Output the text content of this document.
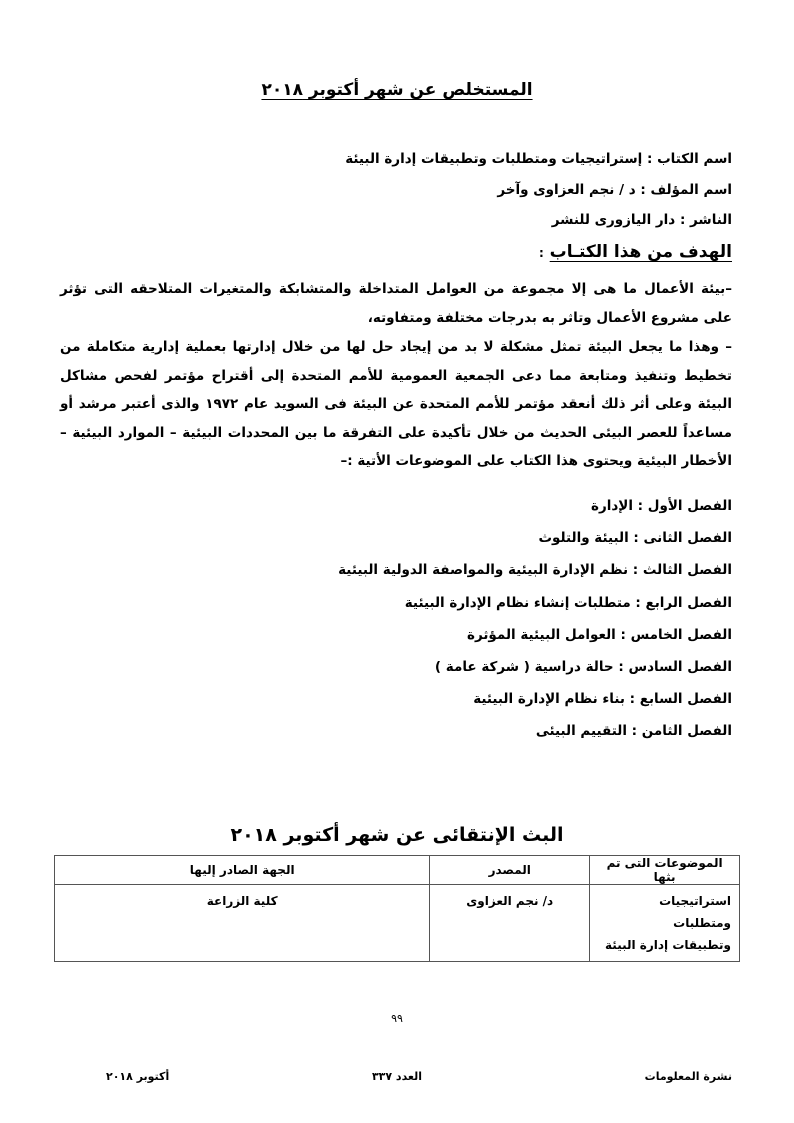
المستخلص عن شهر أكتوبر ٢٠١٨
اسم الكتاب : إستراتيجيات ومتطلبات وتطبيقات إدارة البيئة
اسم المؤلف : د / نجم العزاوى وآخر
الناشر : دار اليازورى للنشر
الهدف من هذا الكتـاب :
–بيئة الأعمال ما هى إلا مجموعة من العوامل المتداخلة والمتشابكة والمتغيرات المتلاحقه التى تؤثر على مشروع الأعمال وتاثر به بدرجات مختلفة ومتفاوته،
– وهذا ما يجعل البيئة تمثل مشكلة لا بد من إيجاد حل لها من خلال إدارتها بعملية إدارية متكاملة من تخطيط وتنفيذ ومتابعة مما دعى الجمعية العمومية للأمم المتحدة إلى أقتراح مؤتمر لفحص مشاكل البيئة وعلى أثر ذلك أنعقد مؤتمر للأمم المتحدة عن البيئة فى السويد عام ١٩٧٢ والذى أعتبر مرشد أو مساعداً للعصر البيئى الحديث من خلال تأكيدة على التفرقة ما بين المحددات البيئية – الموارد البيئية – الأخطار البيئية ويحتوى هذا الكتاب على الموضوعات الأتية :–
الفصل الأول : الإدارة
الفصل الثانى : البيئة والتلوث
الفصل الثالث : نظم الإدارة البيئية والمواصفة الدولية البيئية
الفصل الرابع : متطلبات إنشاء نظام الإدارة البيئية
الفصل الخامس : العوامل البيئية المؤثرة
الفصل السادس : حالة دراسية ( شركة عامة )
الفصل السابع : بناء نظام الإدارة البيئية
الفصل الثامن : التقييم البيئى
البث الإنتقائى عن شهر أكتوبر ٢٠١٨
الموضوعات التى تم بثها	المصدر	الجهة الصادر إليها

استراتيجيات ومتطلبات
وتطبيقات إدارة البيئة	د/ نجم العزاوى	كلية الزراعة
٩٩
نشرة المعلومات
العدد ٣٣٧
أكتوبر ٢٠١٨
